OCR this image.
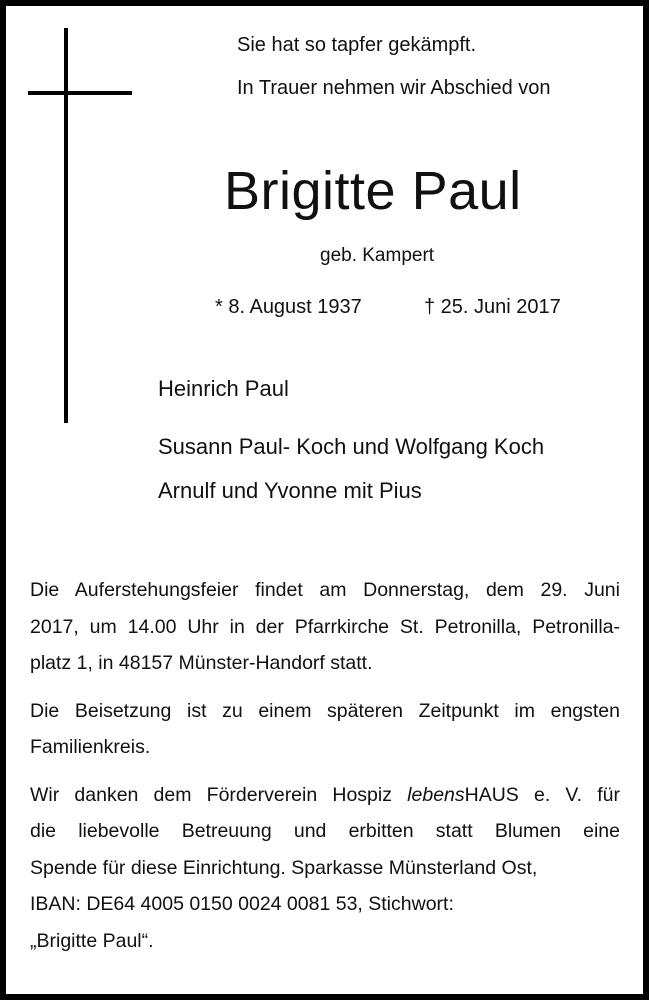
Sie hat so tapfer gekämpft.
In Trauer nehmen wir Abschied von
Brigitte Paul
geb. Kampert
* 8. August 1937	† 25. Juni 2017
Heinrich Paul
Susann Paul- Koch und Wolfgang Koch
Arnulf und Yvonne mit Pius
Die Auferstehungsfeier findet am Donnerstag, dem 29. Juni
2017, um 14.00 Uhr in der Pfarrkirche St. Petronilla, Petronilla-
platz 1, in 48157 Münster-Handorf statt.
Die Beisetzung ist zu einem späteren Zeitpunkt im engsten
Familienkreis.
Wir danken dem Förderverein Hospiz lebensHAUS e. V. für
die liebevolle Betreuung und erbitten statt Blumen eine
Spende für diese Einrichtung. Sparkasse Münsterland Ost,
IBAN: DE64 4005 0150 0024 0081 53, Stichwort:
„Brigitte Paul“.
